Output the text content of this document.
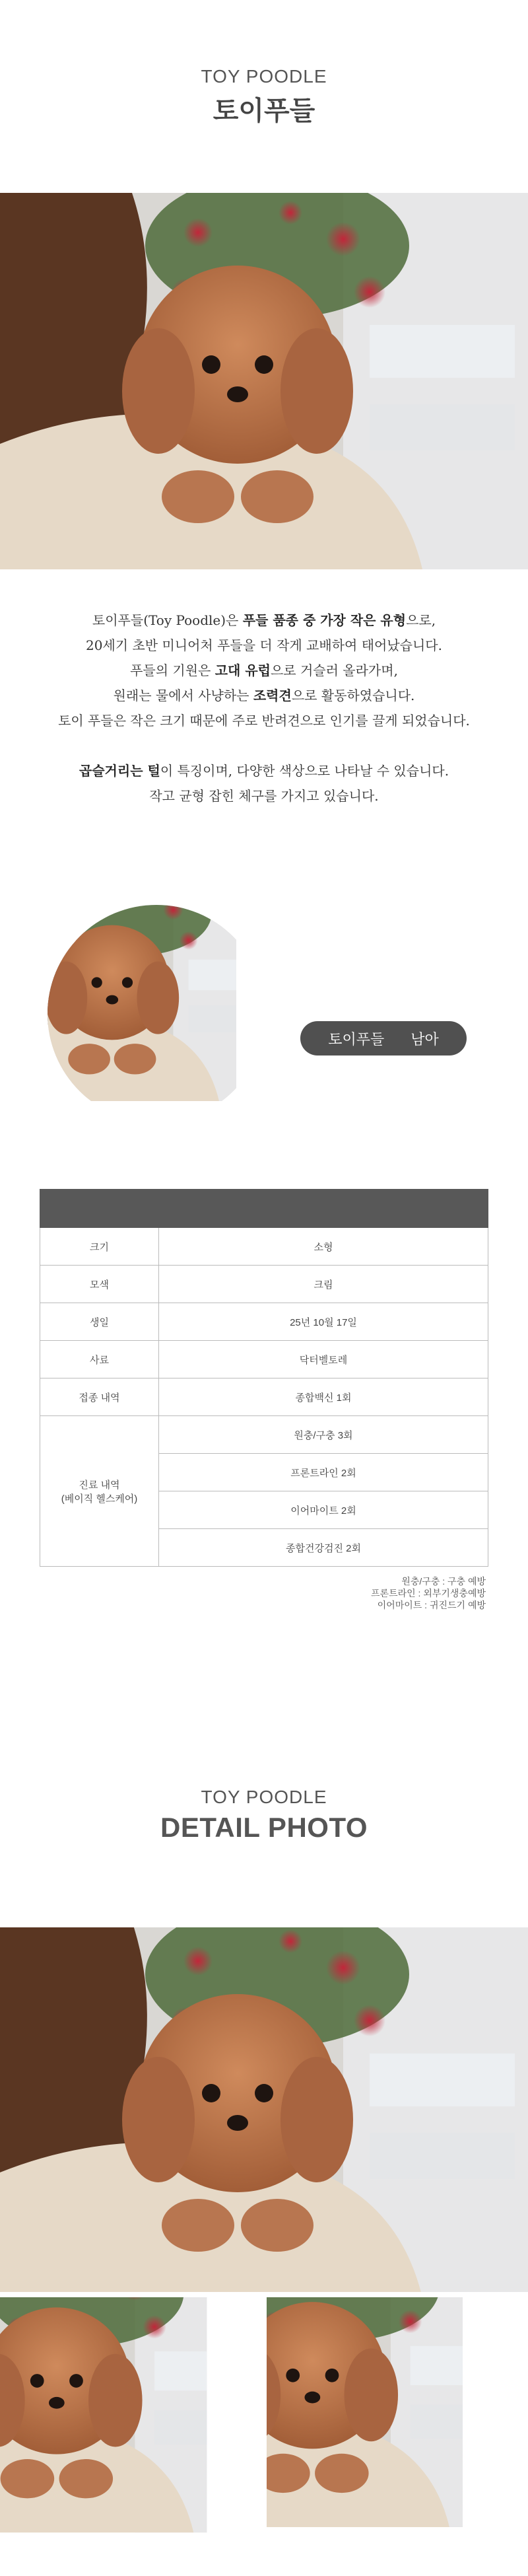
TOY POODLE
토이푸들
토이푸들(Toy Poodle)은 푸들 품종 중 가장 작은 유형으로,
20세기 초반 미니어처 푸들을 더 작게 교배하여 태어났습니다.
푸들의 기원은 고대 유럽으로 거슬러 올라가며,
원래는 물에서 사냥하는 조력견으로 활동하였습니다.
토이 푸들은 작은 크기 때문에 주로 반려견으로 인기를 끌게 되었습니다.
곱슬거리는 털이 특징이며, 다양한 색상으로 나타날 수 있습니다.
작고 균형 잡힌 체구를 가지고 있습니다.
토이푸들 남아

크기	소형
모색	크림
생일	25년 10월 17일
사료	닥터벨토레
접종 내역	종합백신 1회

진료 내역
(베이직 헬스케어)	원충/구충 3회
	프론트라인 2회
	이어마이트 2회
	종합건강검진 2회
원충/구충 : 구충 예방
프론트라인 : 외부기생충예방
이어마이트 : 귀진드기 예방
TOY POODLE
DETAIL PHOTO
